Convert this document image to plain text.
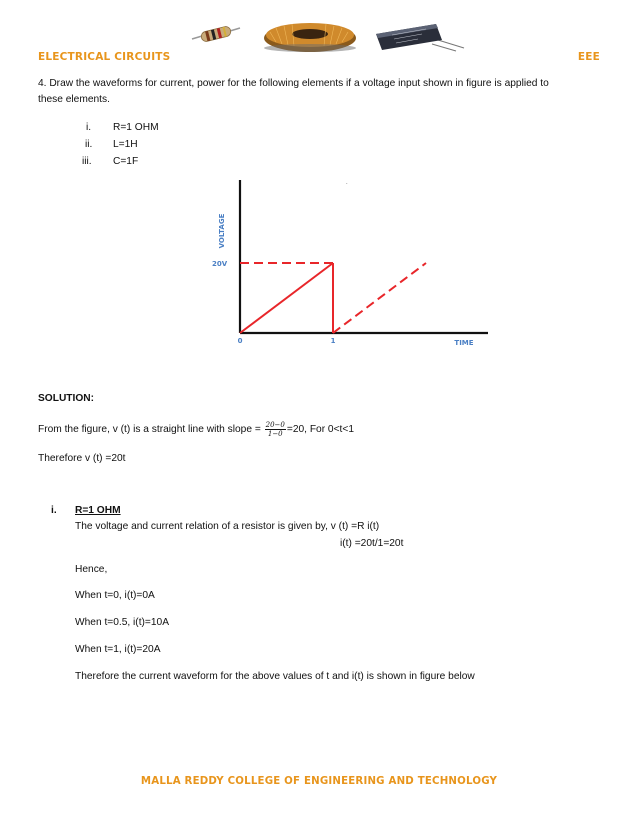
ELECTRICAL CIRCUITS	EEE
4. Draw the waveforms for current, power for the following elements if a voltage input shown in figure is applied to
these elements.
i. R=1 OHM
ii. L=1H
iii. C=1F
.
VOLTAGE
20V
0	1	TIME
SOLUTION:
From the figure, v (t) is a straight line with slope = $\frac{20-0}{1-0} =20$, For 0<t<1
Therefore v (t) =20t
i. R=1 OHM
The voltage and current relation of a resistor is given by, v (t) =R i(t)
i(t) =20t/1=20t
Hence,
When t=0, i(t)=0A
When t=0.5, i(t)=10A
When t=1, i(t)=20A
Therefore the current waveform for the above values of t and i(t) is shown in figure below
MALLA REDDY COLLEGE OF ENGINEERING AND TECHNOLOGY
